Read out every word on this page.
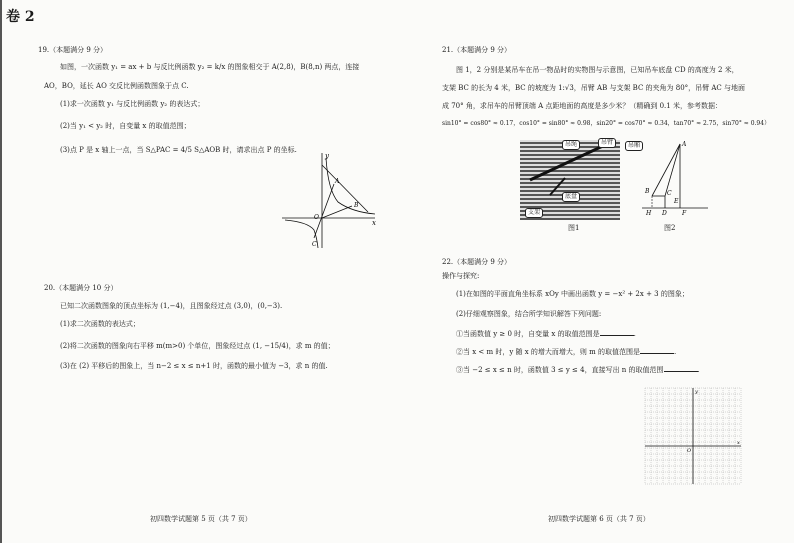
卷 2
19.（本题满分 9 分）
如图，一次函数 y₁ = ax + b 与反比例函数 y₂ = k/x 的图象相交于 A(2,8)，B(8,n) 两点，连接
AO，BO，延长 AO 交反比例函数图象于点 C.
(1)求一次函数 y₁ 与反比例函数 y₂ 的表达式；
(2)当 y₁ < y₂ 时，自变量 x 的取值范围；
(3)点 P 是 x 轴上一点，当 S△PAC = 4/5 S△AOB 时，请求出点 P 的坐标.
y
x
A
B
O
C
20.（本题满分 10 分）
已知二次函数图象的顶点坐标为 (1,−4)，且图象经过点 (3,0)，(0,−3).
(1)求二次函数的表达式；
(2)将二次函数的图象向右平移 m(m>0) 个单位，图象经过点 (1, −15/4)，求 m 的值；
(3)在 (2) 平移后的图象上，当 n−2 ≤ x ≤ n+1 时，函数的最小值为 −3，求 n 的值.
初四数学试题第 5 页（共 7 页）
21.（本题满分 9 分）
图 1，2 分别是某吊车在吊一物品时的实物图与示意图，已知吊车底盘 CD 的高度为 2 米，
支架 BC 的长为 4 米，BC 的坡度为 1:√3，吊臂 AB 与支架 BC 的夹角为 80°，吊臂 AC 与地面
成 70° 角，求吊车的吊臂顶端 A 点距地面的高度是多少米？（精确到 0.1 米，参考数据：
sin10° = cos80° ≈ 0.17，cos10° = sin80° ≈ 0.98，sin20° = cos70° ≈ 0.34，tan70° ≈ 2.75，sin70° ≈ 0.94）
吊臂
吊绳	吊厢
底盘
支架
图1
A
B	C
D
H
E
F
图2
22.（本题满分 9 分）
操作与探究:
(1)在如图的平面直角坐标系 xOy 中画出函数 y = −x² + 2x + 3 的图象；
(2)仔细观察图象，结合所学知识解答下列问题:
①当函数值 y ≥ 0 时，自变量 x 的取值范围是	.
②当 x < m 时，y 随 x 的增大而增大，则 m 的取值范围是	.
③当 −2 ≤ x ≤ n 时，函数值 3 ≤ y ≤ 4，直接写出 n 的取值范围	.
y
x
O
初四数学试题第 6 页（共 7 页）
